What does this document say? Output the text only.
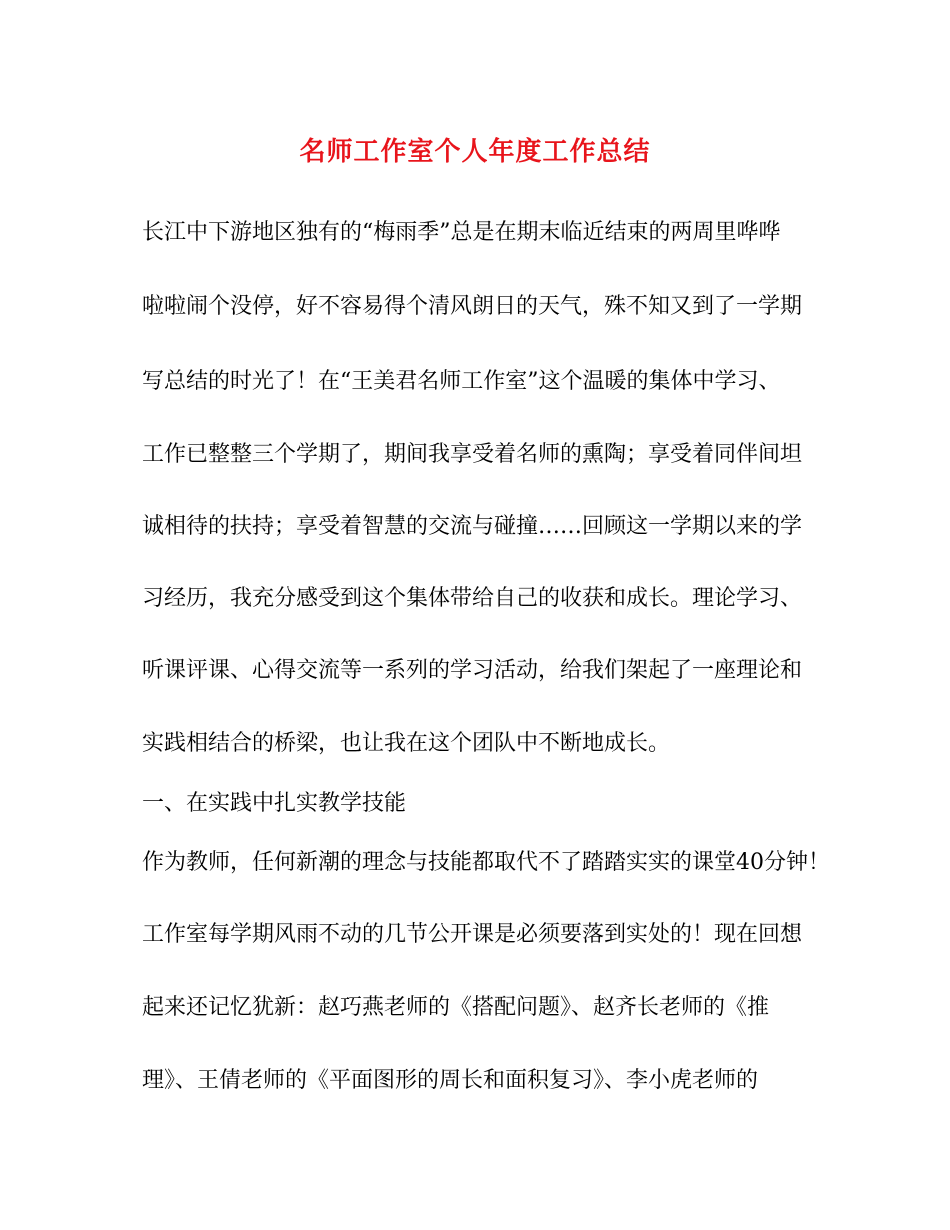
名师工作室个人年度工作总结

长江中下游地区独有的“梅雨季”总是在期末临近结束的两周里哗哗

啦啦闹个没停，好不容易得个清风朗日的天气，殊不知又到了一学期

写总结的时光了！在“王美君名师工作室”这个温暖的集体中学习、

工作已整整三个学期了，期间我享受着名师的熏陶；享受着同伴间坦

诚相待的扶持；享受着智慧的交流与碰撞……回顾这一学期以来的学

习经历，我充分感受到这个集体带给自己的收获和成长。理论学习、

听课评课、心得交流等一系列的学习活动，给我们架起了一座理论和

实践相结合的桥梁，也让我在这个团队中不断地成长。

一、在实践中扎实教学技能

作为教师，任何新潮的理念与技能都取代不了踏踏实实的课堂40分钟！

工作室每学期风雨不动的几节公开课是必须要落到实处的！现在回想

起来还记忆犹新：赵巧燕老师的《搭配问题》、赵齐长老师的《推

理》、王倩老师的《平面图形的周长和面积复习》、李小虎老师的
